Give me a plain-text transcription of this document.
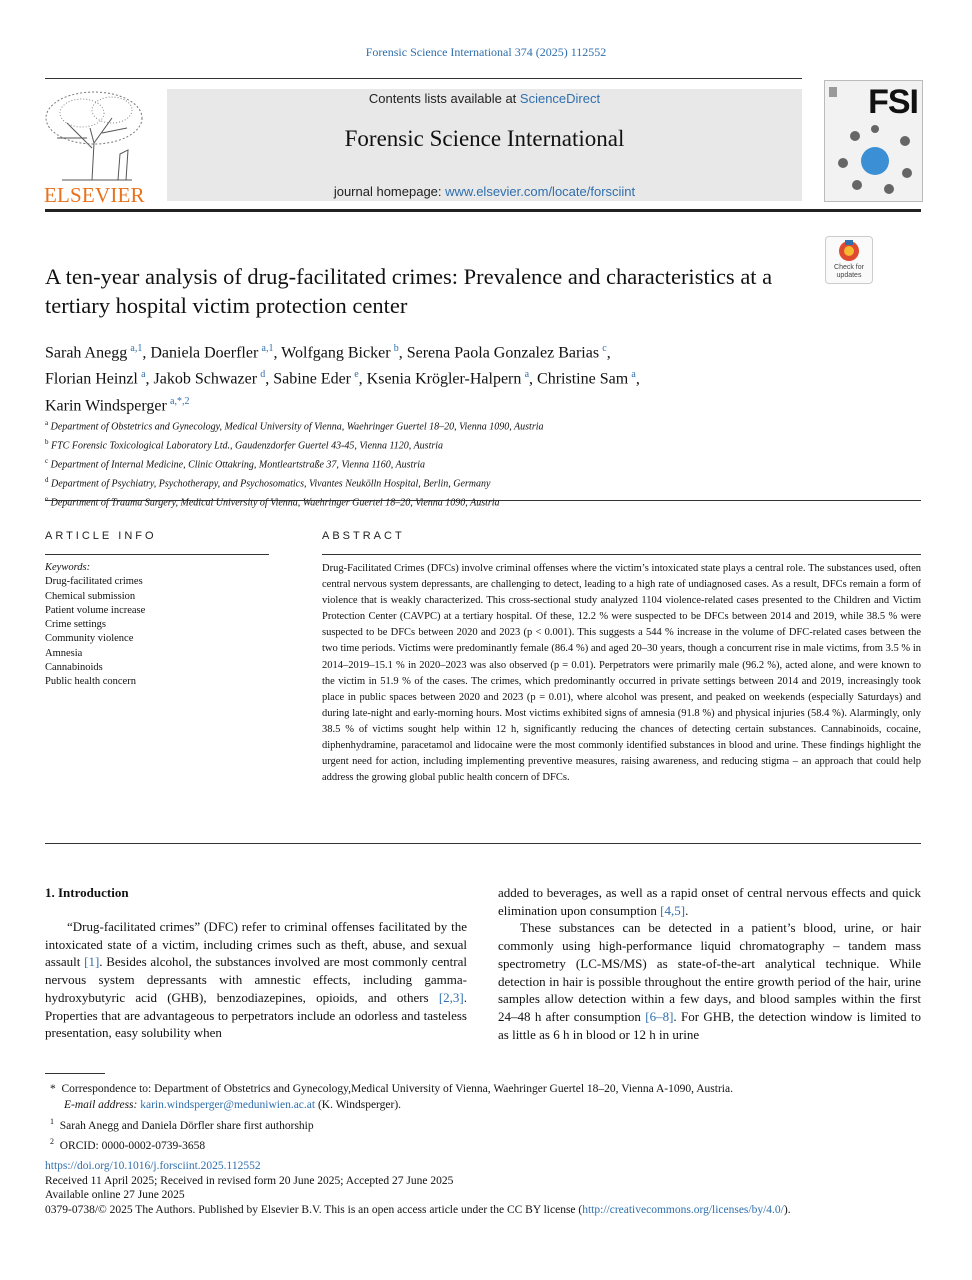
Forensic Science International 374 (2025) 112552
ELSEVIER
Contents lists available at ScienceDirect
Forensic Science International
journal homepage: www.elsevier.com/locate/forsciint
FSI
Check for updates
A ten-year analysis of drug-facilitated crimes: Prevalence and characteristics at a tertiary hospital victim protection center
Sarah Anegg  $^{a,1}$, Daniela Doerfler  $^{a,1}$, Wolfgang Bicker  $^b$, Serena Paola Gonzalez Barias  $^c$,
Florian Heinzl  $^a$, Jakob Schwazer  $^d$, Sabine Eder  $^e$, Ksenia Krögler-Halpern  $^a$, Christine Sam  $^a$,
Karin Windsperger  $^{a,*,2}$
$^a$ Department of Obstetrics and Gynecology, Medical University of Vienna, Waehringer Guertel 18–20, Vienna 1090, Austria
$^b$ FTC Forensic Toxicological Laboratory Ltd., Gaudenzdorfer Guertel 43-45, Vienna 1120, Austria
$^c$ Department of Internal Medicine, Clinic Ottakring, Montleartstraße 37, Vienna 1160, Austria
$^d$ Department of Psychiatry, Psychotherapy, and Psychosomatics, Vivantes Neukölln Hospital, Berlin, Germany
$^e$ Department of Trauma Surgery, Medical University of Vienna, Waehringer Guertel 18–20, Vienna 1090, Austria
ARTICLE INFO
Keywords:
Drug-facilitated crimes
Chemical submission
Patient volume increase
Crime settings
Community violence
Amnesia
Cannabinoids
Public health concern
ABSTRACT
Drug-Facilitated Crimes (DFCs) involve criminal offenses where the victim’s intoxicated state plays a central role. The substances used, often central nervous system depressants, are challenging to detect, leading to a high rate of undiagnosed cases. As a result, DFCs remain a form of violence that is weakly characterized. This cross-sectional study analyzed 1104 violence-related cases presented to the Children and Victim Protection Center (CAVPC) at a tertiary hospital. Of these, 12.2 % were suspected to be DFCs between 2014 and 2019, while 38.5 % were suspected to be DFCs between 2020 and 2023 (p < 0.001). This suggests a 544 % increase in the volume of DFC-related cases between the two time periods. Victims were predominantly female (86.4 %) and aged 20–30 years, though a concurrent rise in male victims, from 3.5 % in 2014–2019–15.1 % in 2020–2023 was also observed (p = 0.01). Perpetrators were primarily male (96.2 %), acted alone, and were known to the victim in 51.9 % of the cases. The crimes, which predominantly occurred in private settings between 2014 and 2019, increasingly took place in public spaces between 2020 and 2023 (p = 0.01), where alcohol was present, and peaked on weekends (especially Saturdays) and during late-night and early-morning hours. Most victims exhibited signs of amnesia (91.8 %) and physical injuries (58.4 %). Alarmingly, only 38.5 % of victims sought help within 12 h, significantly reducing the chances of detecting certain substances. Cannabinoids, cocaine, diphenhydramine, paracetamol and lidocaine were the most commonly identified substances in blood and urine. These findings highlight the urgent need for action, including implementing preventive measures, raising awareness, and reducing stigma – an approach that could help address the growing global public health concern of DFCs.
1. Introduction

“Drug-facilitated crimes” (DFC) refer to criminal offenses facilitated by the intoxicated state of a victim, including crimes such as theft, abuse, and sexual assault [1]. Besides alcohol, the substances involved are most commonly central nervous system depressants with amnestic effects, including gamma-hydroxybutyric acid (GHB), benzodiazepines, opioids, and others [2,3]. Properties that are advantageous to perpetrators include an odorless and tasteless presentation, easy solubility when

added to beverages, as well as a rapid onset of central nervous effects and quick elimination upon consumption [4,5].

These substances can be detected in a patient’s blood, urine, or hair commonly using high-performance liquid chromatography – tandem mass spectrometry (LC-MS/MS) as state-of-the-art analytical technique. While detection in hair is possible throughout the entire growth period of the hair, urine samples allow detection within a few days, and blood samples within the first 24–48 h after consumption [6–8]. For GHB, the detection window is limited to as little as 6 h in blood or 12 h in urine

* Correspondence to: Department of Obstetrics and Gynecology,Medical University of Vienna, Waehringer Guertel 18–20, Vienna A-1090, Austria.
E-mail address: karin.windsperger@meduniwien.ac.at (K. Windsperger).
$^1$ Sarah Anegg and Daniela Dörfler share first authorship
$^2$ ORCID: 0000-0002-0739-3658
https://doi.org/10.1016/j.forsciint.2025.112552
Received 11 April 2025; Received in revised form 20 June 2025; Accepted 27 June 2025
Available online 27 June 2025
0379-0738/© 2025 The Authors. Published by Elsevier B.V. This is an open access article under the CC BY license (http://creativecommons.org/licenses/by/4.0/).
